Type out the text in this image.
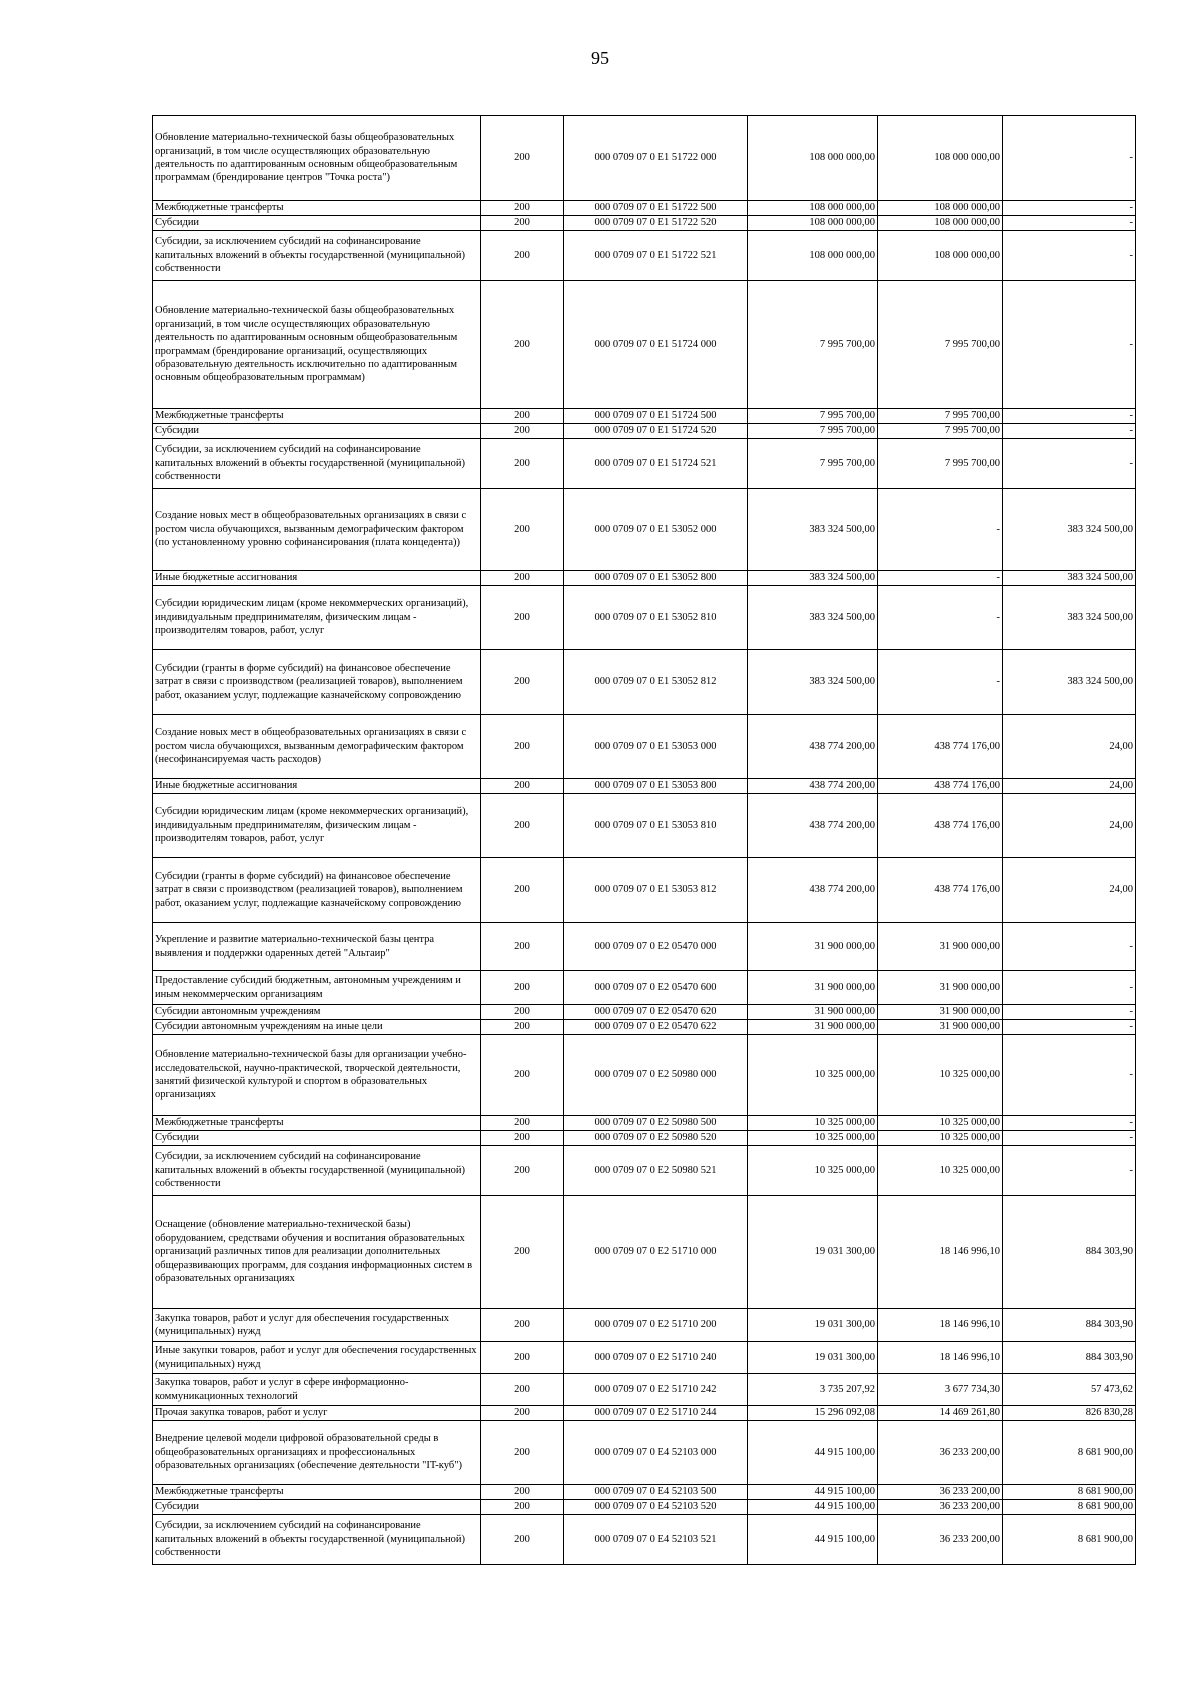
95
Обновление материально-технической базы общеобразовательных организаций, в том числе осуществляющих образовательную деятельность по адаптированным основным общеобразовательным программам (брендирование центров "Точка роста")	200	000 0709 07 0 E1 51722 000	108 000 000,00	108 000 000,00	-
Межбюджетные трансферты	200	000 0709 07 0 E1 51722 500	108 000 000,00	108 000 000,00	-
Субсидии	200	000 0709 07 0 E1 51722 520	108 000 000,00	108 000 000,00	-
Субсидии, за исключением субсидий на софинансирование капитальных вложений в объекты государственной (муниципальной) собственности	200	000 0709 07 0 E1 51722 521	108 000 000,00	108 000 000,00	-
Обновление материально-технической базы общеобразовательных организаций, в том числе осуществляющих образовательную деятельность по адаптированным основным общеобразовательным программам (брендирование организаций, осуществляющих образовательную деятельность исключительно по адаптированным основным общеобразовательным программам)	200	000 0709 07 0 E1 51724 000	7 995 700,00	7 995 700,00	-
Межбюджетные трансферты	200	000 0709 07 0 E1 51724 500	7 995 700,00	7 995 700,00	-
Субсидии	200	000 0709 07 0 E1 51724 520	7 995 700,00	7 995 700,00	-
Субсидии, за исключением субсидий на софинансирование капитальных вложений в объекты государственной (муниципальной) собственности	200	000 0709 07 0 E1 51724 521	7 995 700,00	7 995 700,00	-
Создание новых мест в общеобразовательных организациях в связи с ростом числа обучающихся, вызванным демографическим фактором (по установленному уровню софинансирования (плата концедента))	200	000 0709 07 0 E1 53052 000	383 324 500,00	-	383 324 500,00
Иные бюджетные ассигнования	200	000 0709 07 0 E1 53052 800	383 324 500,00	-	383 324 500,00
Субсидии юридическим лицам (кроме некоммерческих организаций), индивидуальным предпринимателям, физическим лицам - производителям товаров, работ, услуг	200	000 0709 07 0 E1 53052 810	383 324 500,00	-	383 324 500,00
Субсидии (гранты в форме субсидий) на финансовое обеспечение затрат в связи с производством (реализацией товаров), выполнением работ, оказанием услуг, подлежащие казначейскому сопровождению	200	000 0709 07 0 E1 53052 812	383 324 500,00	-	383 324 500,00
Создание новых мест в общеобразовательных организациях в связи с ростом числа обучающихся, вызванным демографическим фактором (несофинансируемая часть расходов)	200	000 0709 07 0 E1 53053 000	438 774 200,00	438 774 176,00	24,00
Иные бюджетные ассигнования	200	000 0709 07 0 E1 53053 800	438 774 200,00	438 774 176,00	24,00
Субсидии юридическим лицам (кроме некоммерческих организаций), индивидуальным предпринимателям, физическим лицам - производителям товаров, работ, услуг	200	000 0709 07 0 E1 53053 810	438 774 200,00	438 774 176,00	24,00
Субсидии (гранты в форме субсидий) на финансовое обеспечение затрат в связи с производством (реализацией товаров), выполнением работ, оказанием услуг, подлежащие казначейскому сопровождению	200	000 0709 07 0 E1 53053 812	438 774 200,00	438 774 176,00	24,00
Укрепление и развитие материально-технической базы центра выявления и поддержки одаренных детей "Альтаир"	200	000 0709 07 0 E2 05470 000	31 900 000,00	31 900 000,00	-
Предоставление субсидий бюджетным, автономным учреждениям и иным некоммерческим организациям	200	000 0709 07 0 E2 05470 600	31 900 000,00	31 900 000,00	-
Субсидии автономным учреждениям	200	000 0709 07 0 E2 05470 620	31 900 000,00	31 900 000,00	-
Субсидии автономным учреждениям на иные цели	200	000 0709 07 0 E2 05470 622	31 900 000,00	31 900 000,00	-
Обновление материально-технической базы для организации учебно-исследовательской, научно-практической, творческой деятельности, занятий физической культурой и спортом в образовательных организациях	200	000 0709 07 0 E2 50980 000	10 325 000,00	10 325 000,00	-
Межбюджетные трансферты	200	000 0709 07 0 E2 50980 500	10 325 000,00	10 325 000,00	-
Субсидии	200	000 0709 07 0 E2 50980 520	10 325 000,00	10 325 000,00	-
Субсидии, за исключением субсидий на софинансирование капитальных вложений в объекты государственной (муниципальной) собственности	200	000 0709 07 0 E2 50980 521	10 325 000,00	10 325 000,00	-
Оснащение (обновление материально-технической базы) оборудованием, средствами обучения и воспитания образовательных организаций различных типов для реализации дополнительных общеразвивающих программ, для создания информационных систем в образовательных организациях	200	000 0709 07 0 E2 51710 000	19 031 300,00	18 146 996,10	884 303,90
Закупка товаров, работ и услуг для обеспечения государственных (муниципальных) нужд	200	000 0709 07 0 E2 51710 200	19 031 300,00	18 146 996,10	884 303,90
Иные закупки товаров, работ и услуг для обеспечения государственных (муниципальных) нужд	200	000 0709 07 0 E2 51710 240	19 031 300,00	18 146 996,10	884 303,90
Закупка товаров, работ и услуг в сфере информационно-коммуникационных технологий	200	000 0709 07 0 E2 51710 242	3 735 207,92	3 677 734,30	57 473,62
Прочая закупка товаров, работ и услуг	200	000 0709 07 0 E2 51710 244	15 296 092,08	14 469 261,80	826 830,28
Внедрение целевой модели цифровой образовательной среды в общеобразовательных организациях и профессиональных образовательных организациях (обеспечение деятельности "IT-куб")	200	000 0709 07 0 E4 52103 000	44 915 100,00	36 233 200,00	8 681 900,00
Межбюджетные трансферты	200	000 0709 07 0 E4 52103 500	44 915 100,00	36 233 200,00	8 681 900,00
Субсидии	200	000 0709 07 0 E4 52103 520	44 915 100,00	36 233 200,00	8 681 900,00
Субсидии, за исключением субсидий на софинансирование капитальных вложений в объекты государственной (муниципальной) собственности	200	000 0709 07 0 E4 52103 521	44 915 100,00	36 233 200,00	8 681 900,00
